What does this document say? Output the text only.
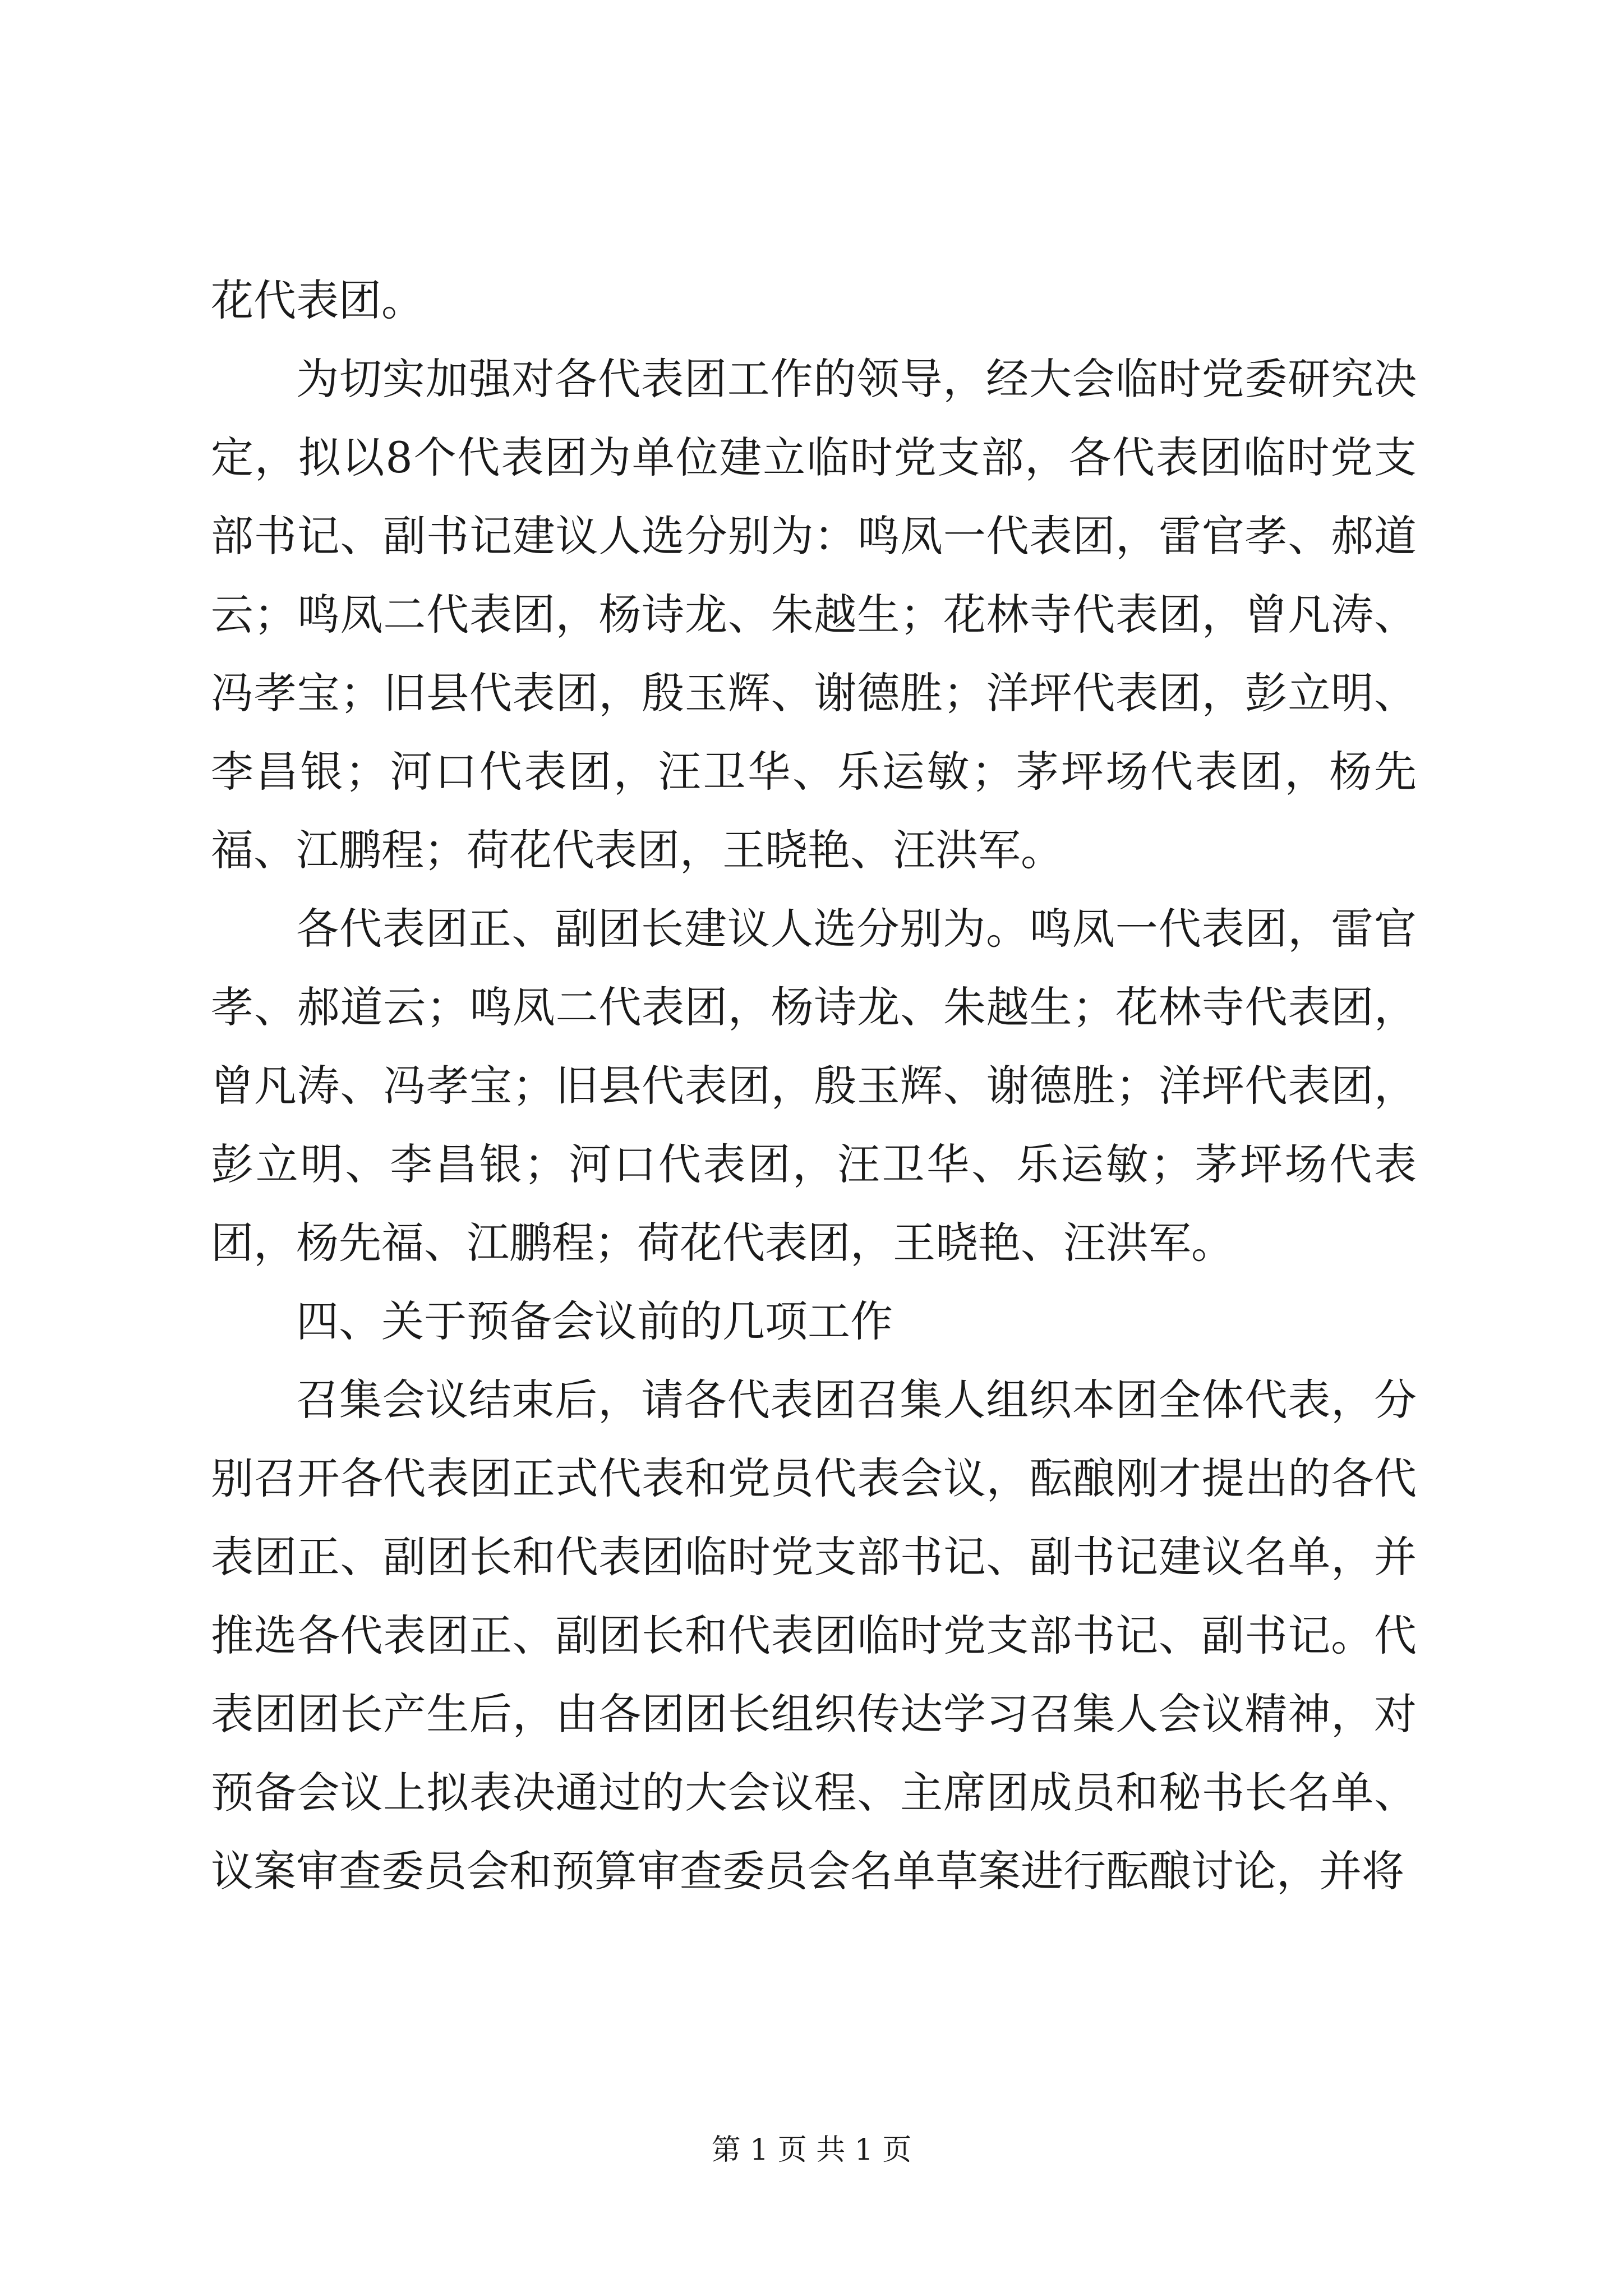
花代表团。

为切实加强对各代表团工作的领导，经大会临时党委研究决定，拟以8个代表团为单位建立临时党支部，各代表团临时党支部书记、副书记建议人选分别为：鸣凤一代表团，雷官孝、郝道云；鸣凤二代表团，杨诗龙、朱越生；花林寺代表团，曾凡涛、冯孝宝；旧县代表团，殷玉辉、谢德胜；洋坪代表团，彭立明、李昌银；河口代表团，汪卫华、乐运敏；茅坪场代表团，杨先福、江鹏程；荷花代表团，王晓艳、汪洪军。

各代表团正、副团长建议人选分别为。鸣凤一代表团，雷官孝、郝道云；鸣凤二代表团，杨诗龙、朱越生；花林寺代表团，曾凡涛、冯孝宝；旧县代表团，殷玉辉、谢德胜；洋坪代表团，彭立明、李昌银；河口代表团，汪卫华、乐运敏；茅坪场代表团，杨先福、江鹏程；荷花代表团，王晓艳、汪洪军。

四、关于预备会议前的几项工作

召集会议结束后，请各代表团召集人组织本团全体代表，分别召开各代表团正式代表和党员代表会议，酝酿刚才提出的各代表团正、副团长和代表团临时党支部书记、副书记建议名单，并推选各代表团正、副团长和代表团临时党支部书记、副书记。代表团团长产生后，由各团团长组织传达学习召集人会议精神，对预备会议上拟表决通过的大会议程、主席团成员和秘书长名单、议案审查委员会和预算审查委员会名单草案进行酝酿讨论，并将

第 1 页 共 1 页
